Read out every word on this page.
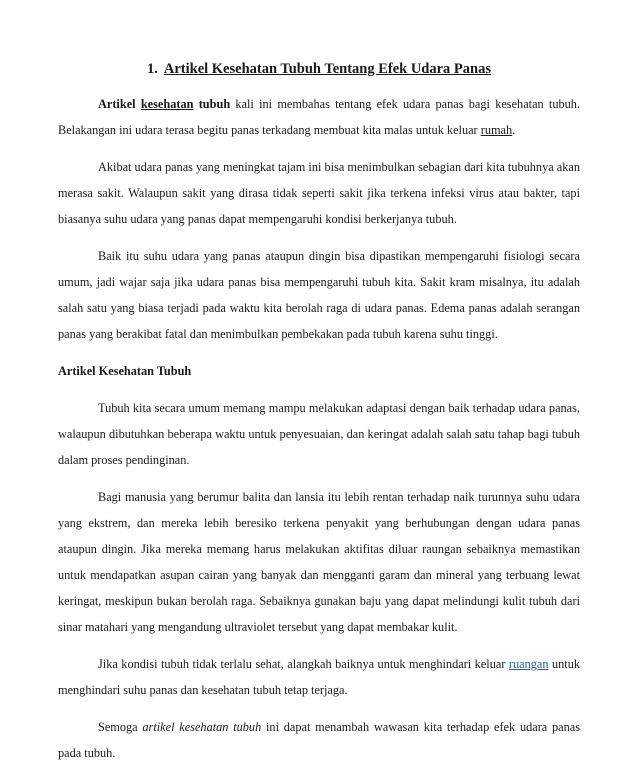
1. Artikel Kesehatan Tubuh Tentang Efek Udara Panas

Artikel kesehatan tubuh kali ini membahas tentang efek udara panas bagi kesehatan tubuh. Belakangan ini udara terasa begitu panas terkadang membuat kita malas untuk keluar rumah.

Akibat udara panas yang meningkat tajam ini bisa menimbulkan sebagian dari kita tubuhnya akan merasa sakit. Walaupun sakit yang dirasa tidak seperti sakit jika terkena infeksi virus atau bakter, tapi biasanya suhu udara yang panas dapat mempengaruhi kondisi berkerjanya tubuh.

Baik itu suhu udara yang panas ataupun dingin bisa dipastikan mempengaruhi fisiologi secara umum, jadi wajar saja jika udara panas bisa mempengaruhi tubuh kita. Sakit kram misalnya, itu adalah salah satu yang biasa terjadi pada waktu kita berolah raga di udara panas. Edema panas adalah serangan panas yang berakibat fatal dan menimbulkan pembekakan pada tubuh karena suhu tinggi.

Artikel Kesehatan Tubuh

Tubuh kita secara umum memang mampu melakukan adaptasi dengan baik terhadap udara panas, walaupun dibutuhkan beberapa waktu untuk penyesuaian, dan keringat adalah salah satu tahap bagi tubuh dalam proses pendinginan.

Bagi manusia yang berumur balita dan lansia itu lebih rentan terhadap naik turunnya suhu udara yang ekstrem, dan mereka lebih beresiko terkena penyakit yang berhubungan dengan udara panas ataupun dingin. Jika mereka memang harus melakukan aktifitas diluar raungan sebaiknya memastikan untuk mendapatkan asupan cairan yang banyak dan mengganti garam dan mineral yang terbuang lewat keringat, meskipun bukan berolah raga. Sebaiknya gunakan baju yang dapat melindungi kulit tubuh dari sinar matahari yang mengandung ultraviolet tersebut yang dapat membakar kulit.

Jika kondisi tubuh tidak terlalu sehat, alangkah baiknya untuk menghindari keluar ruangan untuk menghindari suhu panas dan kesehatan tubuh tetap terjaga.

Semoga artikel kesehatan tubuh ini dapat menambah wawasan kita terhadap efek udara panas pada tubuh.
